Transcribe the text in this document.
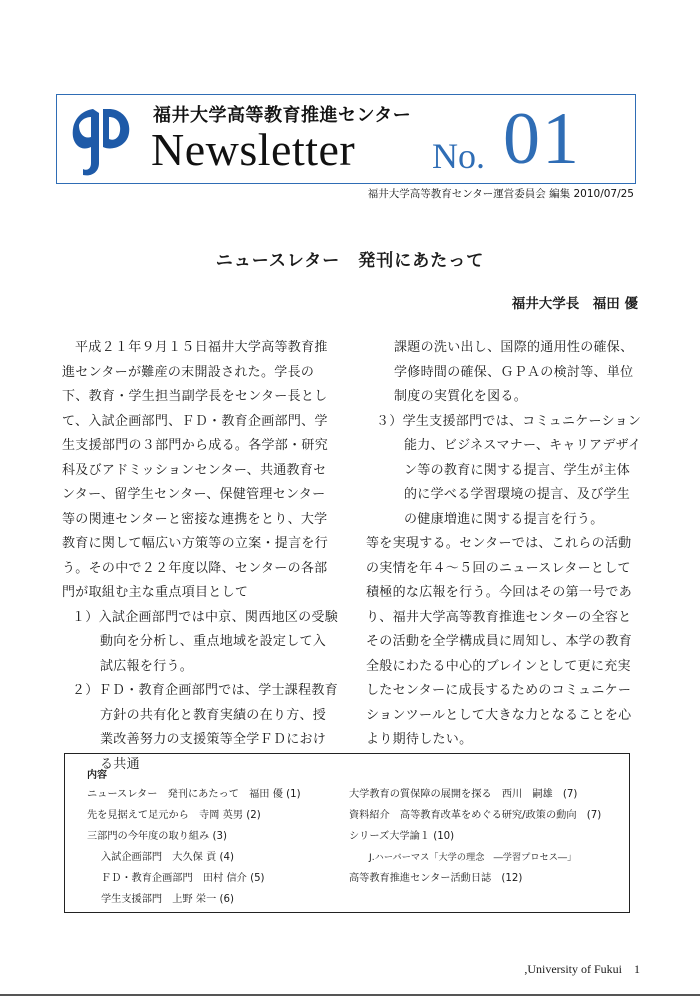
福井大学高等教育推進センター
Newsletter No. 01
福井大学高等教育センター運営委員会 編集 2010/07/25
ニュースレター　発刊にあたって
福井大学長　福田 優

平成２１年９月１５日福井大学高等教育推進センターが難産の末開設された。学長の下、教育・学生担当副学長をセンター長として、入試企画部門、ＦＤ・教育企画部門、学生支援部門の３部門から成る。各学部・研究科及びアドミッションセンター、共通教育センター、留学生センター、保健管理センター等の関連センターと密接な連携をとり、大学教育に関して幅広い方策等の立案・提言を行う。その中で２２年度以降、センターの各部門が取組む主な重点項目として

１）入試企画部門では中京、関西地区の受験動向を分析し、重点地域を設定して入試広報を行う。

２）ＦＤ・教育企画部門では、学士課程教育方針の共有化と教育実績の在り方、授業改善努力の支援策等全学ＦＤにおける共通

課題の洗い出し、国際的通用性の確保、学修時間の確保、ＧＰＡの検討等、単位制度の実質化を図る。

３）学生支援部門では、コミュニケーション能力、ビジネスマナー、キャリアデザイン等の教育に関する提言、学生が主体的に学べる学習環境の提言、及び学生の健康増進に関する提言を行う。

等を実現する。センターでは、これらの活動の実情を年４～５回のニュースレターとして積極的な広報を行う。今回はその第一号であり、福井大学高等教育推進センターの全容とその活動を全学構成員に周知し、本学の教育全般にわたる中心的ブレインとして更に充実したセンターに成長するためのコミュニケーションツールとして大きな力となることを心より期待したい。

内容
ニュースレター　発刊にあたって　福田 優 (1)
先を見据えて足元から　寺岡 英男 (2)
三部門の今年度の取り組み (3)
入試企画部門　大久保 貢 (4)
ＦＤ・教育企画部門　田村 信介 (5)
学生支援部門　上野 栄一 (6)
大学教育の質保障の展開を探る　西川　嗣雄　(7)
資料紹介　高等教育改革をめぐる研究/政策の動向　(7)
シリーズ大学論１ (10)
J.ハーバーマス「大学の理念　―学習プロセス―」
高等教育推進センター活動日誌　(12)
,University of Fukui　1
